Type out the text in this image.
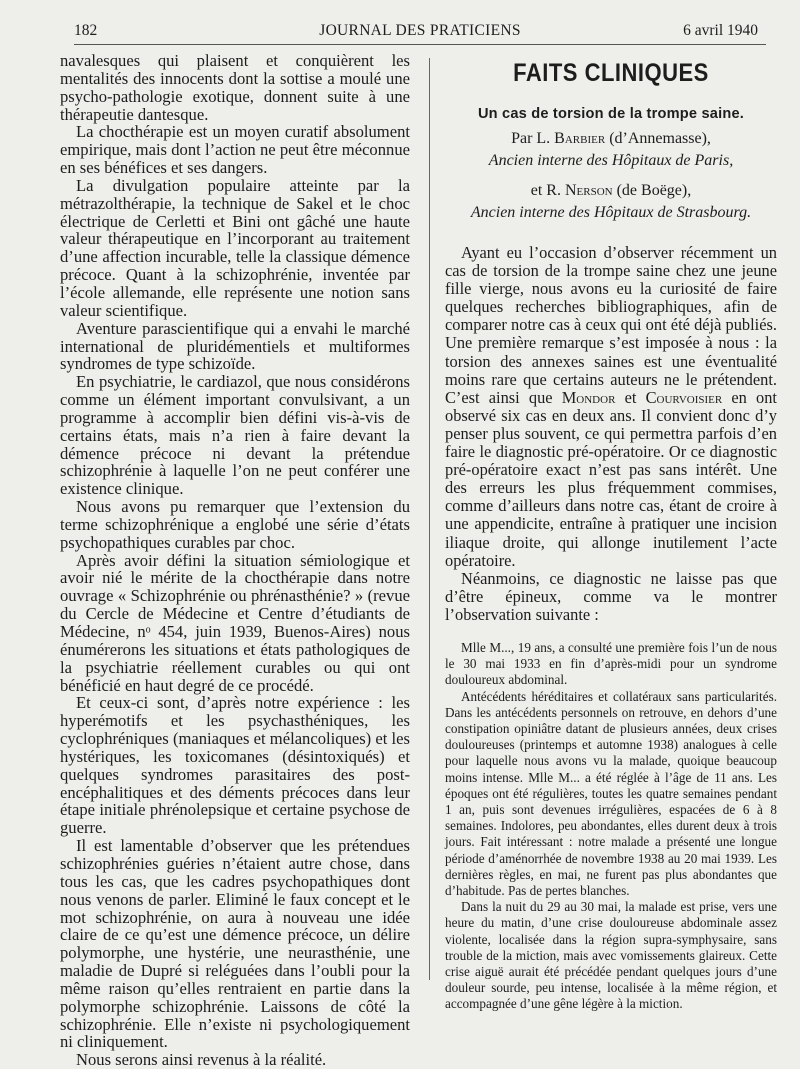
182	JOURNAL DES PRATICIENS	6 avril 1940

navalesques qui plaisent et conquièrent les mentalités des innocents dont la sottise a moulé une psycho-pathologie exotique, donnent suite à une thérapeutie dantesque.

La chocthérapie est un moyen curatif absolument empirique, mais dont l’action ne peut être méconnue en ses bénéfices et ses dangers.

La divulgation populaire atteinte par la métrazolthérapie, la technique de Sakel et le choc électrique de Cerletti et Bini ont gâché une haute valeur thérapeutique en l’incorporant au traitement d’une affection incurable, telle la classique démence précoce. Quant à la schizophrénie, inventée par l’école allemande, elle représente une notion sans valeur scientifique.

Aventure parascientifique qui a envahi le marché international de pluridémentiels et multiformes syndromes de type schizoïde.

En psychiatrie, le cardiazol, que nous considérons comme un élément important convulsivant, a un programme à accomplir bien défini vis-à-vis de certains états, mais n’a rien à faire devant la démence précoce ni devant la prétendue schizophrénie à laquelle l’on ne peut conférer une existence clinique.

Nous avons pu remarquer que l’extension du terme schizophrénique a englobé une série d’états psychopathiques curables par choc.

Après avoir défini la situation sémiologique et avoir nié le mérite de la chocthérapie dans notre ouvrage « Schizophrénie ou phrénasthénie? » (revue du Cercle de Médecine et Centre d’étudiants de Médecine, nᵒ 454, juin 1939, Buenos-Aires) nous énumérerons les situations et états pathologiques de la psychiatrie réellement curables ou qui ont bénéficié en haut degré de ce procédé.

Et ceux-ci sont, d’après notre expérience : les hyperémotifs et les psychasthéniques, les cyclophréniques (maniaques et mélancoliques) et les hystériques, les toxicomanes (désintoxiqués) et quelques syndromes parasitaires des post-encéphalitiques et des déments précoces dans leur étape initiale phrénolepsique et certaine psychose de guerre.

Il est lamentable d’observer que les prétendues schizophrénies guéries n’étaient autre chose, dans tous les cas, que les cadres psychopathiques dont nous venons de parler. Eliminé le faux concept et le mot schizophrénie, on aura à nouveau une idée claire de ce qu’est une démence précoce, un délire polymorphe, une hystérie, une neurasthénie, une maladie de Dupré si reléguées dans l’oubli pour la même raison qu’elles rentraient en partie dans la polymorphe schizophrénie. Laissons de côté la schizophrénie. Elle n’existe ni psychologiquement ni cliniquement.

Nous serons ainsi revenus à la réalité.

FAITS CLINIQUES
Un cas de torsion de la trompe saine.
Par L. Barbier (d’Annemasse),
Ancien interne des Hôpitaux de Paris,
et R. Nerson (de Boëge),
Ancien interne des Hôpitaux de Strasbourg.

Ayant eu l’occasion d’observer récemment un cas de torsion de la trompe saine chez une jeune fille vierge, nous avons eu la curiosité de faire quelques recherches bibliographiques, afin de comparer notre cas à ceux qui ont été déjà publiés. Une première remarque s’est imposée à nous : la torsion des annexes saines est une éventualité moins rare que certains auteurs ne le prétendent. C’est ainsi que Mondor et Courvoisier en ont observé six cas en deux ans. Il convient donc d’y penser plus souvent, ce qui permettra parfois d’en faire le diagnostic pré-opératoire. Or ce diagnostic pré-opératoire exact n’est pas sans intérêt. Une des erreurs les plus fréquemment commises, comme d’ailleurs dans notre cas, étant de croire à une appendicite, entraîne à pratiquer une incision iliaque droite, qui allonge inutilement l’acte opératoire.

Néanmoins, ce diagnostic ne laisse pas que d’être épineux, comme va le montrer l’observation suivante :

Mlle M..., 19 ans, a consulté une première fois l’un de nous le 30 mai 1933 en fin d’après-midi pour un syndrome douloureux abdominal.

Antécédents héréditaires et collatéraux sans particularités. Dans les antécédents personnels on retrouve, en dehors d’une constipation opiniâtre datant de plusieurs années, deux crises douloureuses (printemps et automne 1938) analogues à celle pour laquelle nous avons vu la malade, quoique beaucoup moins intense. Mlle M... a été réglée à l’âge de 11 ans. Les époques ont été régulières, toutes les quatre semaines pendant 1 an, puis sont devenues irrégulières, espacées de 6 à 8 semaines. Indolores, peu abondantes, elles durent deux à trois jours. Fait intéressant : notre malade a présenté une longue période d’aménorrhée de novembre 1938 au 20 mai 1939. Les dernières règles, en mai, ne furent pas plus abondantes que d’habitude. Pas de pertes blanches.

Dans la nuit du 29 au 30 mai, la malade est prise, vers une heure du matin, d’une crise douloureuse abdominale assez violente, localisée dans la région supra-symphysaire, sans trouble de la miction, mais avec vomissements glaireux. Cette crise aiguë aurait été précédée pendant quelques jours d’une douleur sourde, peu intense, localisée à la même région, et accompagnée d’une gêne légère à la miction.
